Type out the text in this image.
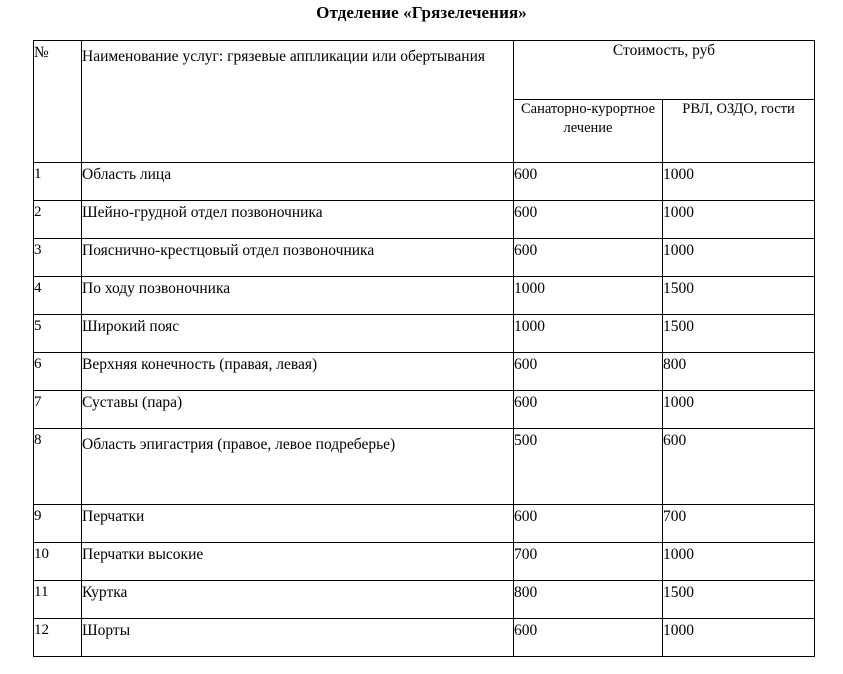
Отделение «Грязелечения»
№	Наименование услуг: грязевые аппликации или обертывания	Стоимость, руб	
		Санаторно-курортное лечение	РВЛ, ОЗДО, гости
1	Область лица	600	1000
2	Шейно-грудной отдел позвоночника	600	1000
3	Пояснично-крестцовый отдел позвоночника	600	1000
4	По ходу позвоночника	1000	1500
5	Широкий пояс	1000	1500
6	Верхняя конечность (правая, левая)	600	800
7	Суставы (пара)	600	1000
8	Область эпигастрия (правое, левое подреберье)	500	600
9	Перчатки	600	700
10	Перчатки высокие	700	1000
11	Куртка	800	1500
12	Шорты	600	1000
